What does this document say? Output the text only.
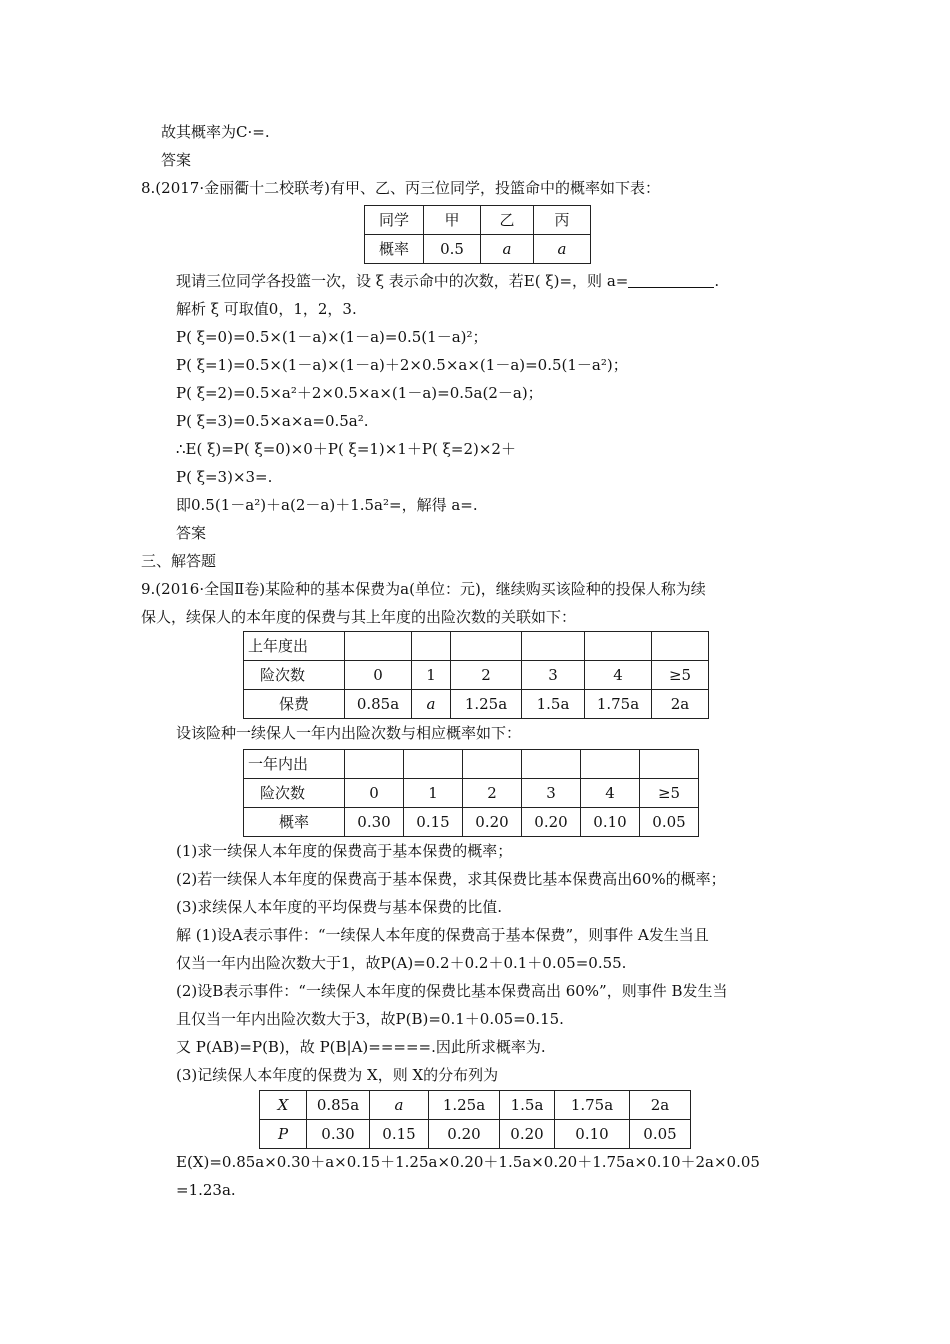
故其概率为C·=.
答案
8.(2017·金丽衢十二校联考)有甲、乙、丙三位同学，投篮命中的概率如下表：
同学	甲	乙	丙
概率	0.5	a	a
现请三位同学各投篮一次，设 ξ 表示命中的次数，若E( ξ)=，则 a=	.
解析 ξ 可取值0，1，2，3.
P( ξ=0)=0.5×(1－a)×(1－a)=0.5(1－a)²；
P( ξ=1)=0.5×(1－a)×(1－a)＋2×0.5×a×(1－a)=0.5(1－a²)；
P( ξ=2)=0.5×a²＋2×0.5×a×(1－a)=0.5a(2－a)；
P( ξ=3)=0.5×a×a=0.5a².
∴E( ξ)=P( ξ=0)×0＋P( ξ=1)×1＋P( ξ=2)×2＋
P( ξ=3)×3=.
即0.5(1－a²)＋a(2－a)＋1.5a²=，解得 a=.
答案
三、解答题
9.(2016·全国Ⅱ卷)某险种的基本保费为a(单位：元)，继续购买该险种的投保人称为续
保人，续保人的本年度的保费与其上年度的出险次数的关联如下：
上年度出						
险次数	0	1	2	3	4	≥5
保费	0.85a	a	1.25a	1.5a	1.75a	2a
设该险种一续保人一年内出险次数与相应概率如下：
一年内出						
险次数	0	1	2	3	4	≥5
概率	0.30	0.15	0.20	0.20	0.10	0.05
(1)求一续保人本年度的保费高于基本保费的概率；
(2)若一续保人本年度的保费高于基本保费，求其保费比基本保费高出60%的概率；
(3)求续保人本年度的平均保费与基本保费的比值.
解 (1)设A表示事件：“一续保人本年度的保费高于基本保费”，则事件 A发生当且
仅当一年内出险次数大于1，故P(A)=0.2＋0.2＋0.1＋0.05=0.55.
(2)设B表示事件：“一续保人本年度的保费比基本保费高出 60%”，则事件 B发生当
且仅当一年内出险次数大于3，故P(B)=0.1＋0.05=0.15.
又 P(AB)=P(B)，故 P(B|A)=====.因此所求概率为.
(3)记续保人本年度的保费为 X，则 X的分布列为
X	0.85a	a	1.25a	1.5a	1.75a	2a
P	0.30	0.15	0.20	0.20	0.10	0.05
E(X)=0.85a×0.30＋a×0.15＋1.25a×0.20＋1.5a×0.20＋1.75a×0.10＋2a×0.05
=1.23a.
